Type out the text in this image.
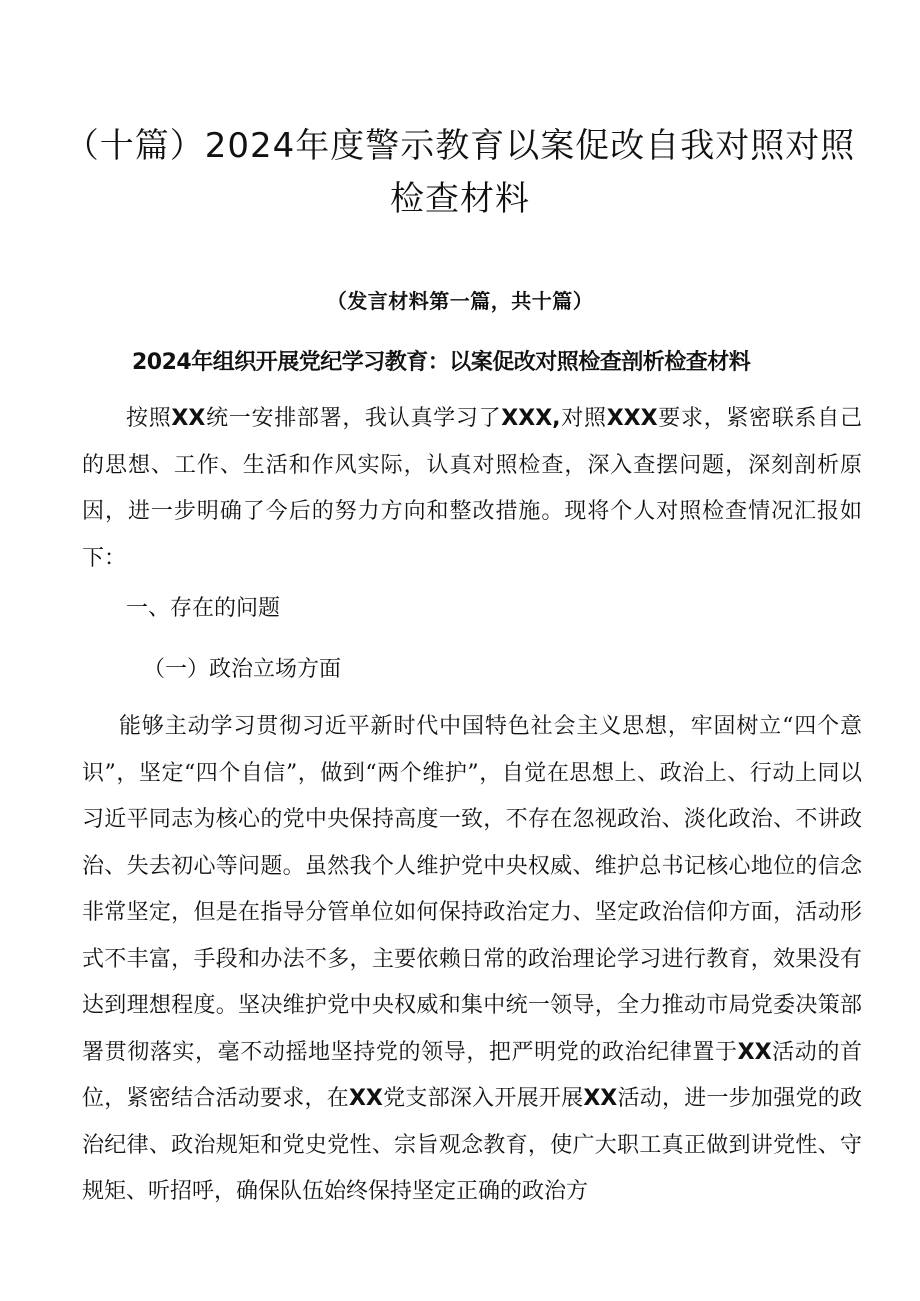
（十篇）2024年度警示教育以案促改自我对照对照
检查材料
（发言材料第一篇，共十篇）
2024年组织开展党纪学习教育：以案促改对照检查剖析检查材料
按照XX统一安排部署，我认真学习了XXX,对照XXX要求，紧密联系自己的思想、工作、生活和作风实际，认真对照检查，深入查摆问题，深刻剖析原因，进一步明确了今后的努力方向和整改措施。现将个人对照检查情况汇报如下：
一、存在的问题
（一）政治立场方面
能够主动学习贯彻习近平新时代中国特色社会主义思想，牢固树立“四个意识”，坚定“四个自信”，做到“两个维护”，自觉在思想上、政治上、行动上同以习近平同志为核心的党中央保持高度一致，不存在忽视政治、淡化政治、不讲政治、失去初心等问题。虽然我个人维护党中央权威、维护总书记核心地位的信念非常坚定，但是在指导分管单位如何保持政治定力、坚定政治信仰方面，活动形式不丰富，手段和办法不多，主要依赖日常的政治理论学习进行教育，效果没有达到理想程度。坚决维护党中央权威和集中统一领导，全力推动市局党委决策部署贯彻落实，毫不动摇地坚持党的领导，把严明党的政治纪律置于XX活动的首位，紧密结合活动要求，在XX党支部深入开展开展XX活动，进一步加强党的政治纪律、政治规矩和党史党性、宗旨观念教育，使广大职工真正做到讲党性、守规矩、听招呼，确保队伍始终保持坚定正确的政治方
